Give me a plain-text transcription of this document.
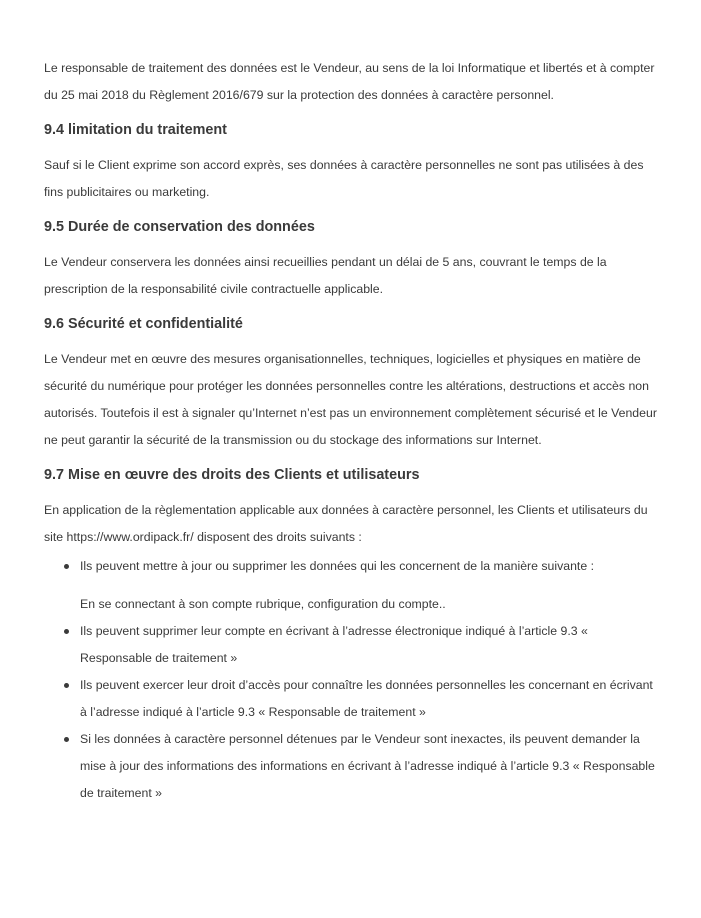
Le responsable de traitement des données est le Vendeur, au sens de la loi Informatique et libertés et à compter du 25 mai 2018 du Règlement 2016/679 sur la protection des données à caractère personnel.

9.4 limitation du traitement

Sauf si le Client exprime son accord exprès, ses données à caractère personnelles ne sont pas utilisées à des fins publicitaires ou marketing.

9.5 Durée de conservation des données

Le Vendeur conservera les données ainsi recueillies pendant un délai de 5 ans, couvrant le temps de la prescription de la responsabilité civile contractuelle applicable.

9.6 Sécurité et confidentialité

Le Vendeur met en œuvre des mesures organisationnelles, techniques, logicielles et physiques en matière de sécurité du numérique pour protéger les données personnelles contre les altérations, destructions et accès non autorisés. Toutefois il est à signaler qu’Internet n’est pas un environnement complètement sécurisé et le Vendeur ne peut garantir la sécurité de la transmission ou du stockage des informations sur Internet.

9.7 Mise en œuvre des droits des Clients et utilisateurs

En application de la règlementation applicable aux données à caractère personnel, les Clients et utilisateurs du site https://www.ordipack.fr/ disposent des droits suivants :

Ils peuvent mettre à jour ou supprimer les données qui les concernent de la manière suivante :
En se connectant à son compte rubrique, configuration du compte..
Ils peuvent supprimer leur compte en écrivant à l’adresse électronique indiqué à l’article 9.3 « Responsable de traitement »
Ils peuvent exercer leur droit d’accès pour connaître les données personnelles les concernant en écrivant à l’adresse indiqué à l’article 9.3 « Responsable de traitement »
Si les données à caractère personnel détenues par le Vendeur sont inexactes, ils peuvent demander la mise à jour des informations des informations en écrivant à l’adresse indiqué à l’article 9.3 « Responsable de traitement »
